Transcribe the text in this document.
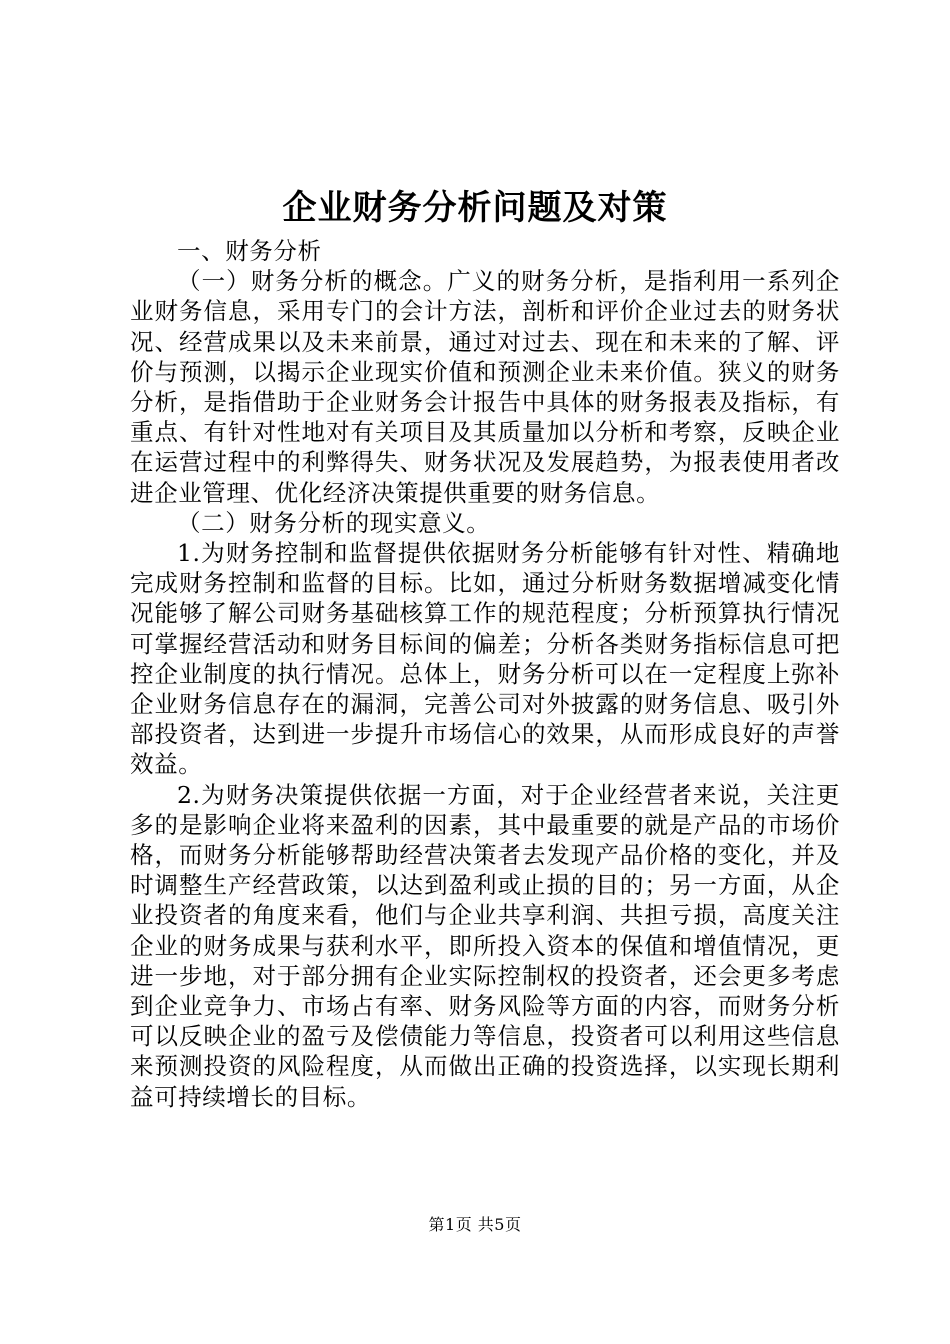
企业财务分析问题及对策

一、财务分析

（一）财务分析的概念。广义的财务分析，是指利用一系列企业财务信息，采用专门的会计方法，剖析和评价企业过去的财务状况、经营成果以及未来前景，通过对过去、现在和未来的了解、评价与预测，以揭示企业现实价值和预测企业未来价值。狭义的财务分析，是指借助于企业财务会计报告中具体的财务报表及指标，有重点、有针对性地对有关项目及其质量加以分析和考察，反映企业在运营过程中的利弊得失、财务状况及发展趋势，为报表使用者改进企业管理、优化经济决策提供重要的财务信息。

（二）财务分析的现实意义。

1.为财务控制和监督提供依据财务分析能够有针对性、精确地完成财务控制和监督的目标。比如，通过分析财务数据增减变化情况能够了解公司财务基础核算工作的规范程度；分析预算执行情况可掌握经营活动和财务目标间的偏差；分析各类财务指标信息可把控企业制度的执行情况。总体上，财务分析可以在一定程度上弥补企业财务信息存在的漏洞，完善公司对外披露的财务信息、吸引外部投资者，达到进一步提升市场信心的效果，从而形成良好的声誉效益。

2.为财务决策提供依据一方面，对于企业经营者来说，关注更多的是影响企业将来盈利的因素，其中最重要的就是产品的市场价格，而财务分析能够帮助经营决策者去发现产品价格的变化，并及时调整生产经营政策，以达到盈利或止损的目的；另一方面，从企业投资者的角度来看，他们与企业共享利润、共担亏损，高度关注企业的财务成果与获利水平，即所投入资本的保值和增值情况，更进一步地，对于部分拥有企业实际控制权的投资者，还会更多考虑到企业竞争力、市场占有率、财务风险等方面的内容，而财务分析可以反映企业的盈亏及偿债能力等信息，投资者可以利用这些信息来预测投资的风险程度，从而做出正确的投资选择，以实现长期利益可持续增长的目标。

第1页 共5页
